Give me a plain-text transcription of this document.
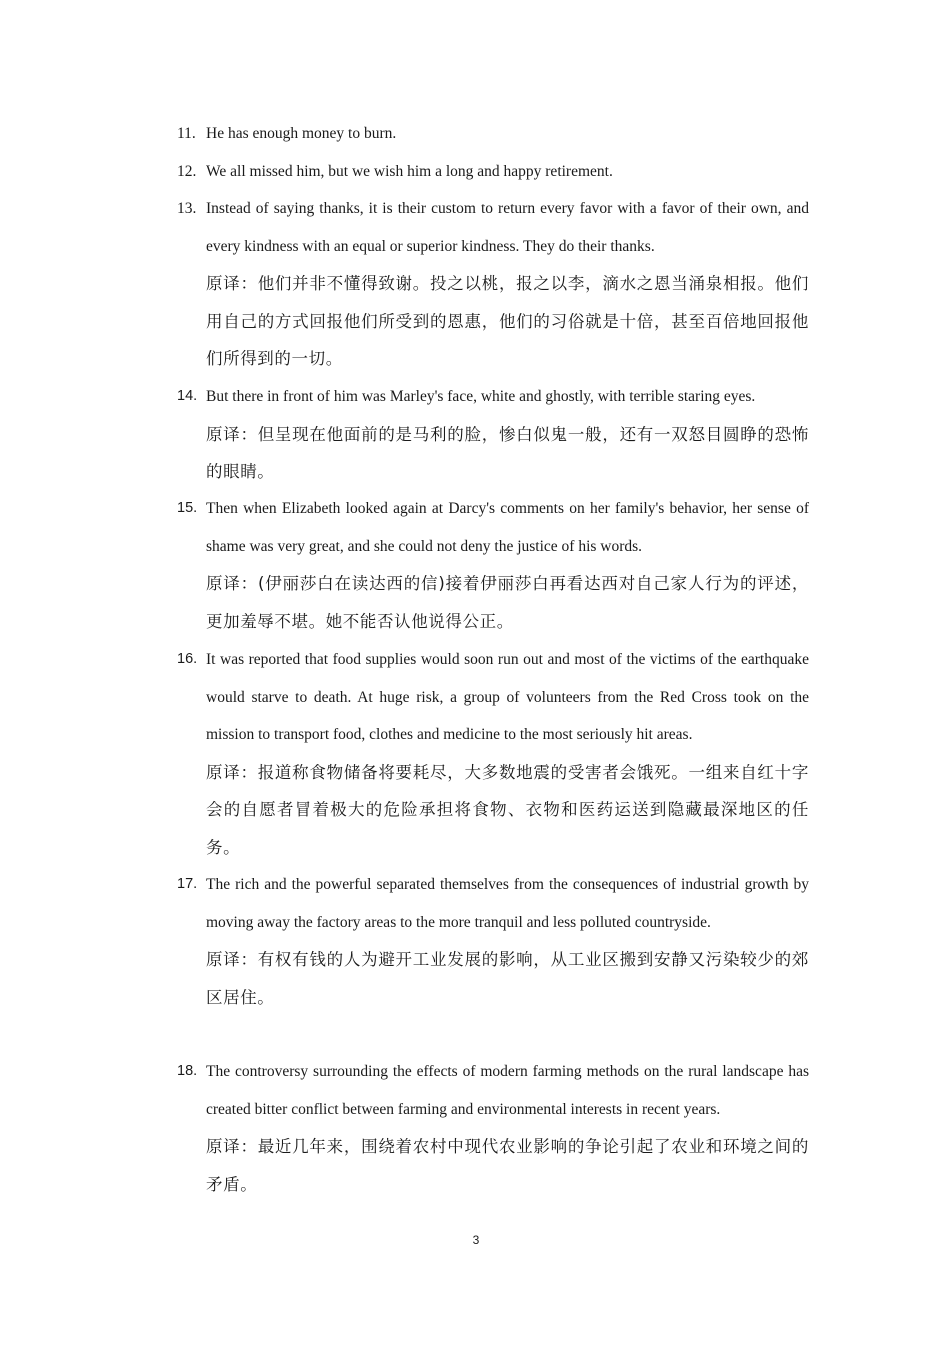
11. He has enough money to burn.

12. We all missed him, but we wish him a long and happy retirement.

13. Instead of saying thanks, it is their custom to return every favor with a favor of their own, and every kindness with an equal or superior kindness. They do their thanks.

原译：他们并非不懂得致谢。投之以桃，报之以李，滴水之恩当涌泉相报。他们用自己的方式回报他们所受到的恩惠，他们的习俗就是十倍，甚至百倍地回报他们所得到的一切。

14. But there in front of him was Marley's face, white and ghostly, with terrible staring eyes.

原译：但呈现在他面前的是马利的脸，惨白似鬼一般，还有一双怒目圆睁的恐怖的眼睛。

15. Then when Elizabeth looked again at Darcy's comments on her family's behavior, her sense of shame was very great, and she could not deny the justice of his words.

原译：(伊丽莎白在读达西的信)接着伊丽莎白再看达西对自己家人行为的评述，更加羞辱不堪。她不能否认他说得公正。

16. It was reported that food supplies would soon run out and most of the victims of the earthquake would starve to death. At huge risk, a group of volunteers from the Red Cross took on the mission to transport food, clothes and medicine to the most seriously hit areas.

原译：报道称食物储备将要耗尽，大多数地震的受害者会饿死。一组来自红十字会的自愿者冒着极大的危险承担将食物、衣物和医药运送到隐藏最深地区的任务。

17. The rich and the powerful separated themselves from the consequences of industrial growth by moving away the factory areas to the more tranquil and less polluted countryside.

原译：有权有钱的人为避开工业发展的影响，从工业区搬到安静又污染较少的郊区居住。

18. The controversy surrounding the effects of modern farming methods on the rural landscape has created bitter conflict between farming and environmental interests in recent years.

原译：最近几年来，围绕着农村中现代农业影响的争论引起了农业和环境之间的矛盾。

3
